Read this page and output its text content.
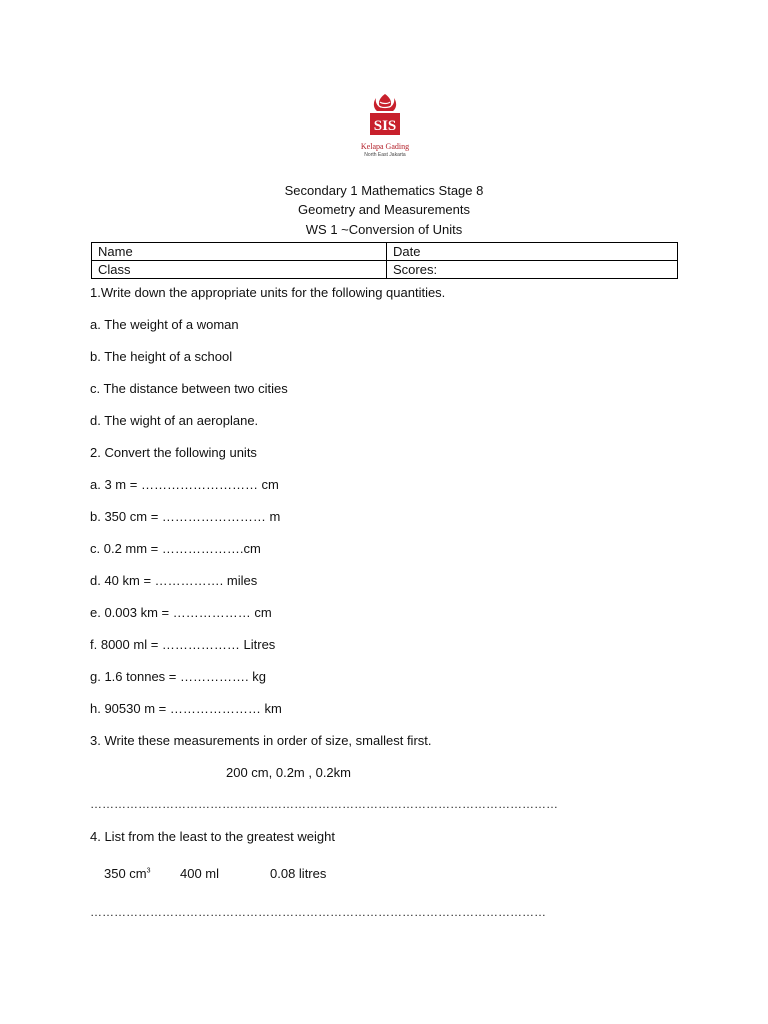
SIS
Kelapa Gading
North East Jakarta
Secondary 1 Mathematics Stage 8
Geometry and Measurements
WS 1 ~Conversion of Units
Name	Date
Class	Scores:
1.Write down the appropriate units for the following quantities.
a. The weight of a woman
b. The height of a school
c. The distance between two cities
d. The wight of an aeroplane.
2. Convert the following units
a. 3 m = ……………………… cm
b. 350 cm = …………………… m
c. 0.2 mm = ……………….cm
d. 40 km = ……………. miles
e. 0.003 km = ……………… cm
f. 8000 ml = ……………… Litres
g. 1.6 tonnes = ……………. kg
h. 90530 m = ………………… km
3. Write these measurements in order of size, smallest first.
200 cm, 0.2m , 0.2km
………………………………………………………………………………………………………
4. List from the least to the greatest weight
350 $cm^3$ 400 ml	0.08 litres
……………………………………………………………………………………………………
